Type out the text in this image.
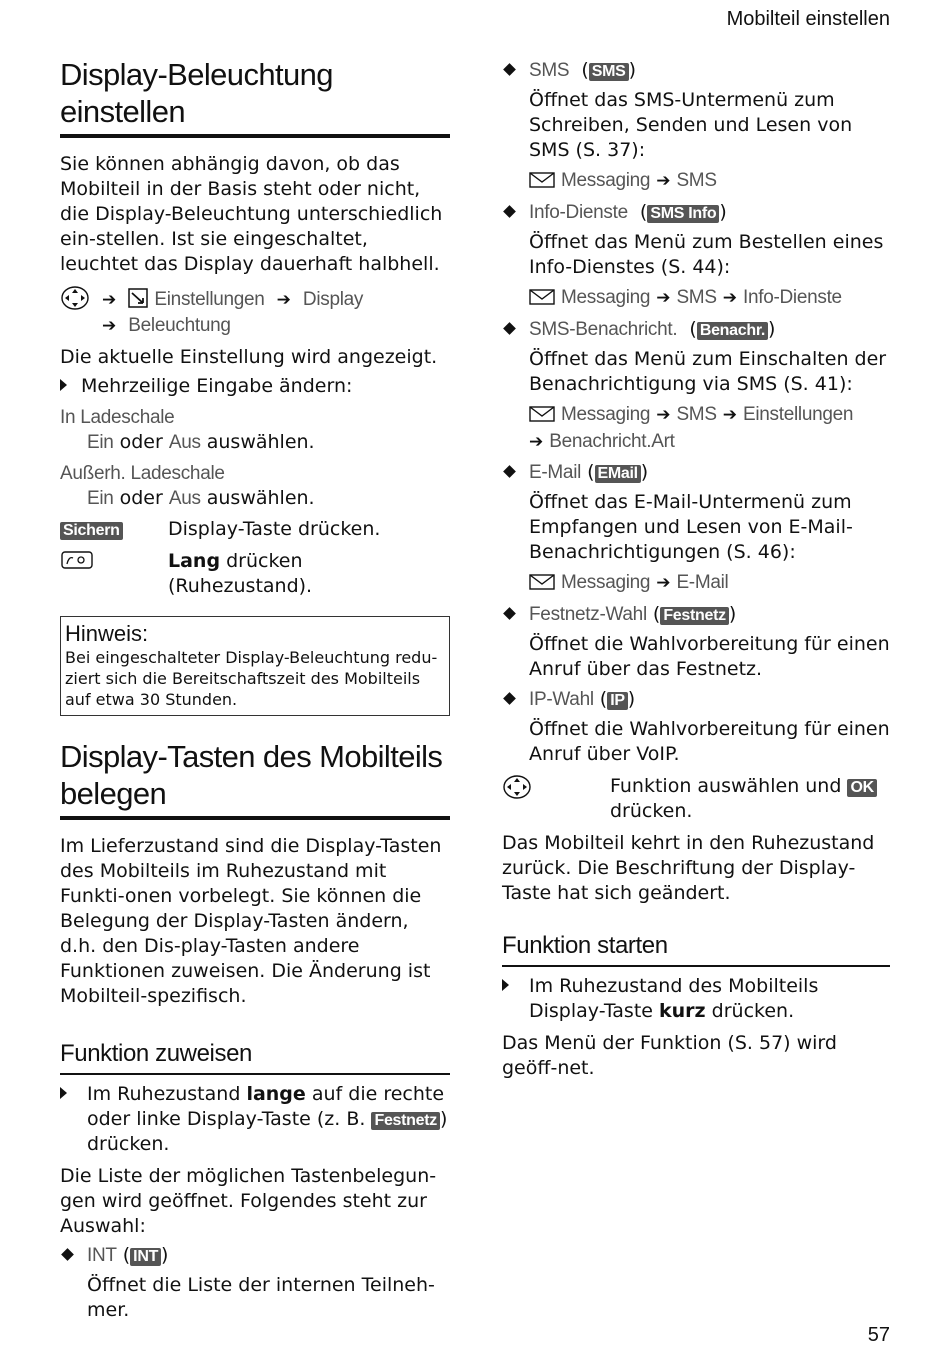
Mobilteil einstellen
Display-Beleuchtung einstellen

Sie können abhängig davon, ob das Mobilteil in der Basis steht oder nicht, die Display-Beleuchtung unterschiedlich ein-stellen. Ist sie eingeschaltet, leuchtet das Display dauerhaft halbhell.

➔ Einstellungen ➔ Display
➔ Beleuchtung

Die aktuelle Einstellung wird angezeigt.

Mehrzeilige Eingabe ändern:

In Ladeschale

Ein oder Aus auswählen.

Außerh. Ladeschale

Ein oder Aus auswählen.

Sichern	Display-Taste drücken.
Lang drücken (Ruhezustand).
Hinweis:
Bei eingeschalteter Display-Beleuchtung redu-ziert sich die Bereitschaftszeit des Mobilteils auf etwa 30 Stunden.
Display-Tasten des Mobilteils
belegen

Im Lieferzustand sind die Display-Tasten des Mobilteils im Ruhezustand mit Funkti-onen vorbelegt. Sie können die Belegung der Display-Tasten ändern, d.h. den Dis-play-Tasten andere Funktionen zuweisen. Die Änderung ist Mobilteil-spezifisch.

Funktion zuweisen
Im Ruhezustand lange auf die rechte oder linke Display-Taste (z. B. Festnetz ) drücken.

Die Liste der möglichen Tastenbelegun-gen wird geöffnet. Folgendes steht zur Auswahl:

INT ( INT )

Öffnet die Liste der internen Teilneh-mer.

SMS  ( SMS )

Öffnet das SMS-Untermenü zum Schreiben, Senden und Lesen von SMS (S. 37):

Messaging ➔ SMS
Info-Dienste  ( SMS Info )

Öffnet das Menü zum Bestellen eines Info-Dienstes (S. 44):

Messaging ➔ SMS ➔ Info-Dienste
SMS-Benachricht.  ( Benachr. )

Öffnet das Menü zum Einschalten der Benachrichtigung via SMS (S. 41):

Messaging ➔ SMS ➔ Einstellungen
➔ Benachricht.Art
E-Mail ( EMail )

Öffnet das E-Mail-Untermenü zum Empfangen und Lesen von E-Mail-Benachrichtigungen (S. 46):

Messaging ➔ E-Mail
Festnetz-Wahl ( Festnetz )

Öffnet die Wahlvorbereitung für einen Anruf über das Festnetz.

IP-Wahl ( IP )

Öffnet die Wahlvorbereitung für einen Anruf über VoIP.

Funktion auswählen und OK
drücken.

Das Mobilteil kehrt in den Ruhezustand zurück. Die Beschriftung der Display-Taste hat sich geändert.

Funktion starten
Im Ruhezustand des Mobilteils Display-Taste kurz drücken.

Das Menü der Funktion (S. 57) wird geöff-net.

57
